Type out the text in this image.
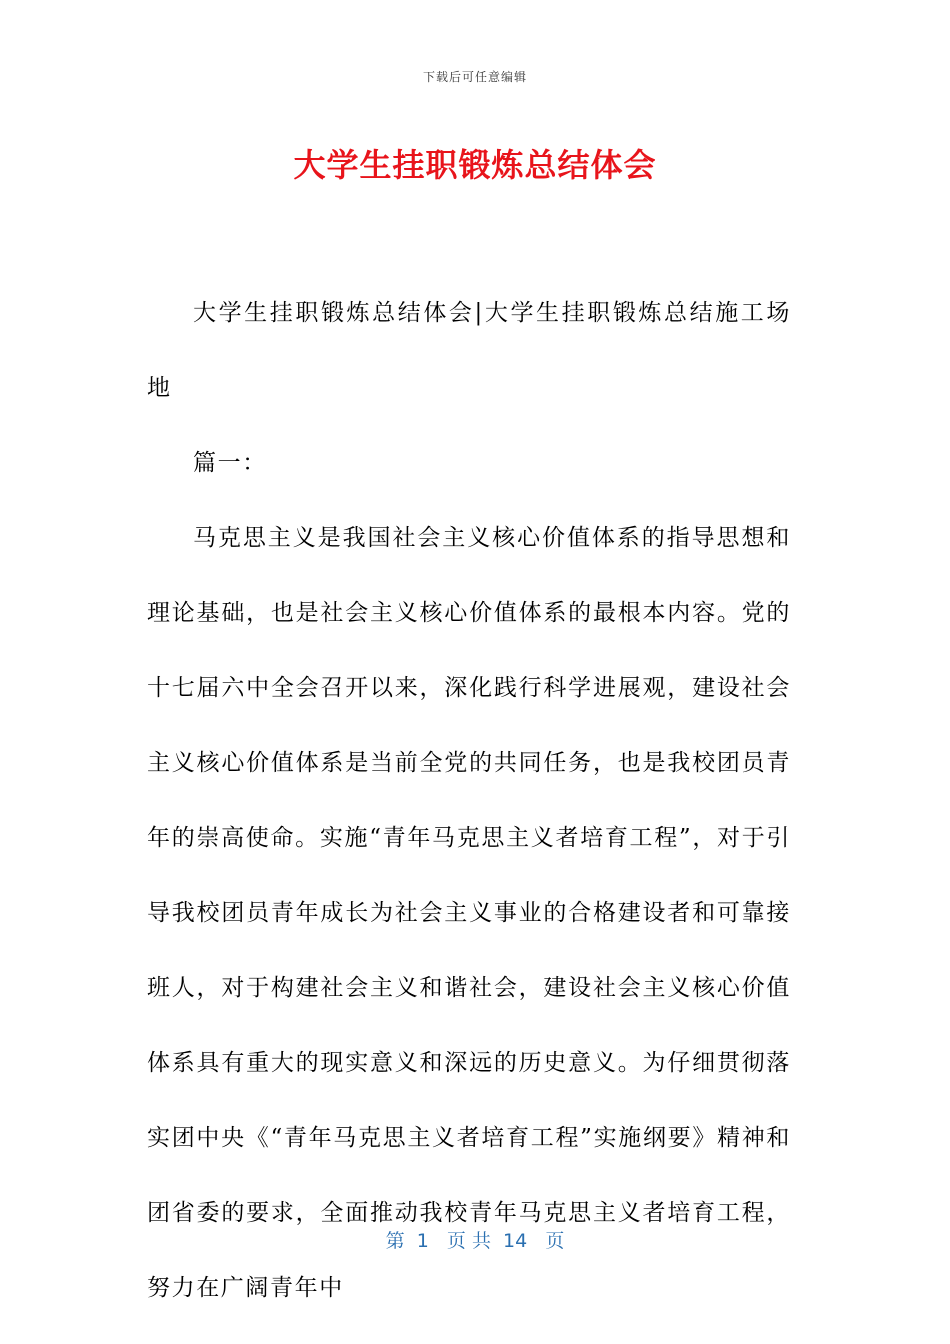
下载后可任意编辑
大学生挂职锻炼总结体会

大学生挂职锻炼总结体会|大学生挂职锻炼总结施工场地

篇一：

马克思主义是我国社会主义核心价值体系的指导思想和理论基础，也是社会主义核心价值体系的最根本内容。党的十七届六中全会召开以来，深化践行科学进展观，建设社会主义核心价值体系是当前全党的共同任务，也是我校团员青年的崇高使命。实施“青年马克思主义者培育工程”，对于引导我校团员青年成长为社会主义事业的合格建设者和可靠接班人，对于构建社会主义和谐社会，建设社会主义核心价值体系具有重大的现实意义和深远的历史意义。为仔细贯彻落实团中央《“青年马克思主义者培育工程”实施纲要》精神和团省委的要求，全面推动我校青年马克思主义者培育工程，努力在广阔青年中

第  1   页 共  14   页
